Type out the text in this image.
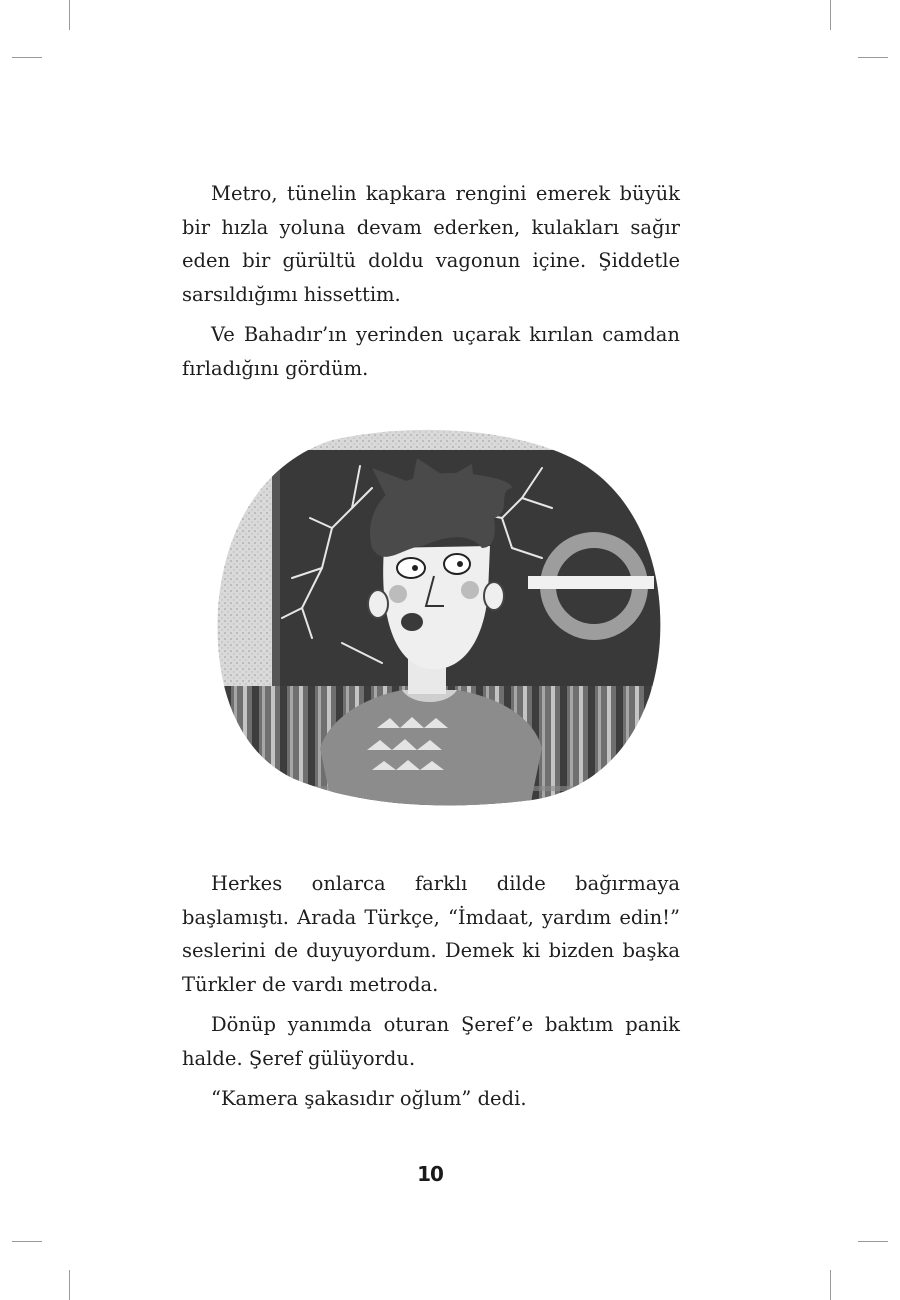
Metro, tünelin kapkara rengini emerek büyük bir hızla yoluna devam ederken, kulakları sağır eden bir gürültü doldu vagonun içine. Şiddetle sarsıldığımı hissettim.

Ve Bahadır’ın yerinden uçarak kırılan camdan fırladığını gördüm.

Herkes onlarca farklı dilde bağırmaya başlamıştı. Arada Türkçe, “İmdaat, yardım edin!” seslerini de duyuyordum. Demek ki bizden başka Türkler de vardı metroda.

Dönüp yanımda oturan Şeref’e baktım panik halde. Şeref gülüyordu.

“Kamera şakasıdır oğlum” dedi.

10
